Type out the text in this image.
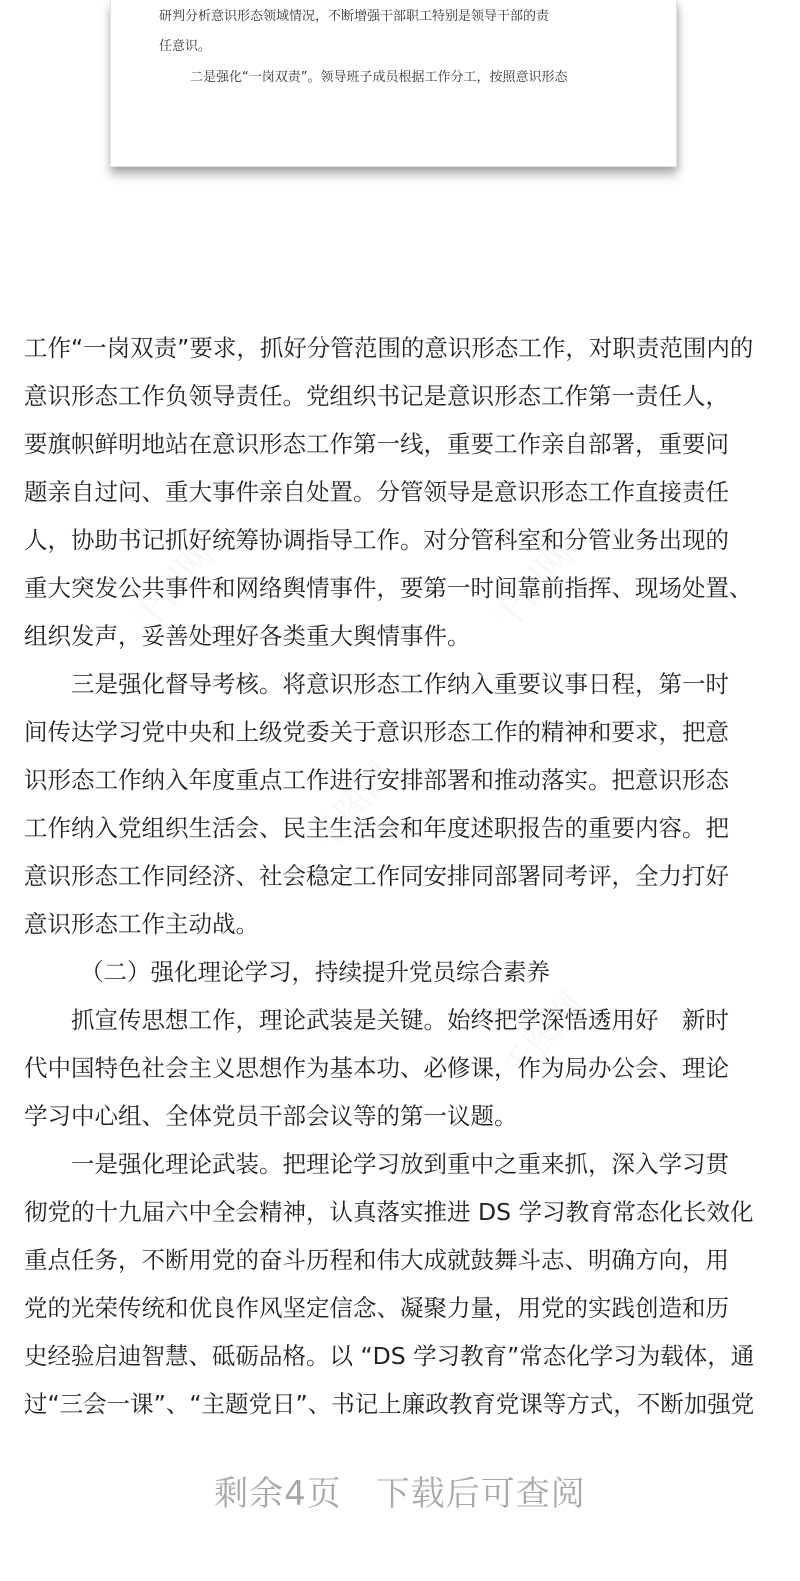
千图网	千图网
千图网
千图网
研判分析意识形态领域情况，不断增强干部职工特别是领导干部的责
任意识。
二是强化“一岗双责”。领导班子成员根据工作分工，按照意识形态
工作“一岗双责”要求，抓好分管范围的意识形态工作，对职责范围内的
意识形态工作负领导责任。党组织书记是意识形态工作第一责任人，
要旗帜鲜明地站在意识形态工作第一线，重要工作亲自部署，重要问
题亲自过问、重大事件亲自处置。分管领导是意识形态工作直接责任
人，协助书记抓好统筹协调指导工作。对分管科室和分管业务出现的
重大突发公共事件和网络舆情事件，要第一时间靠前指挥、现场处置、
组织发声，妥善处理好各类重大舆情事件。
三是强化督导考核。将意识形态工作纳入重要议事日程，第一时
间传达学习党中央和上级党委关于意识形态工作的精神和要求，把意
识形态工作纳入年度重点工作进行安排部署和推动落实。把意识形态
工作纳入党组织生活会、民主生活会和年度述职报告的重要内容。把
意识形态工作同经济、社会稳定工作同安排同部署同考评，全力打好
意识形态工作主动战。
（二）强化理论学习，持续提升党员综合素养
抓宣传思想工作，理论武装是关键。始终把学深悟透用好　新时
代中国特色社会主义思想作为基本功、必修课，作为局办公会、理论
学习中心组、全体党员干部会议等的第一议题。
一是强化理论武装。把理论学习放到重中之重来抓，深入学习贯
彻党的十九届六中全会精神，认真落实推进 DS 学习教育常态化长效化
重点任务，不断用党的奋斗历程和伟大成就鼓舞斗志、明确方向，用
党的光荣传统和优良作风坚定信念、凝聚力量，用党的实践创造和历
史经验启迪智慧、砥砺品格。以 “DS 学习教育”常态化学习为载体，通
过“三会一课”、“主题党日”、书记上廉政教育党课等方式，不断加强党
剩余4页 下载后可查阅
